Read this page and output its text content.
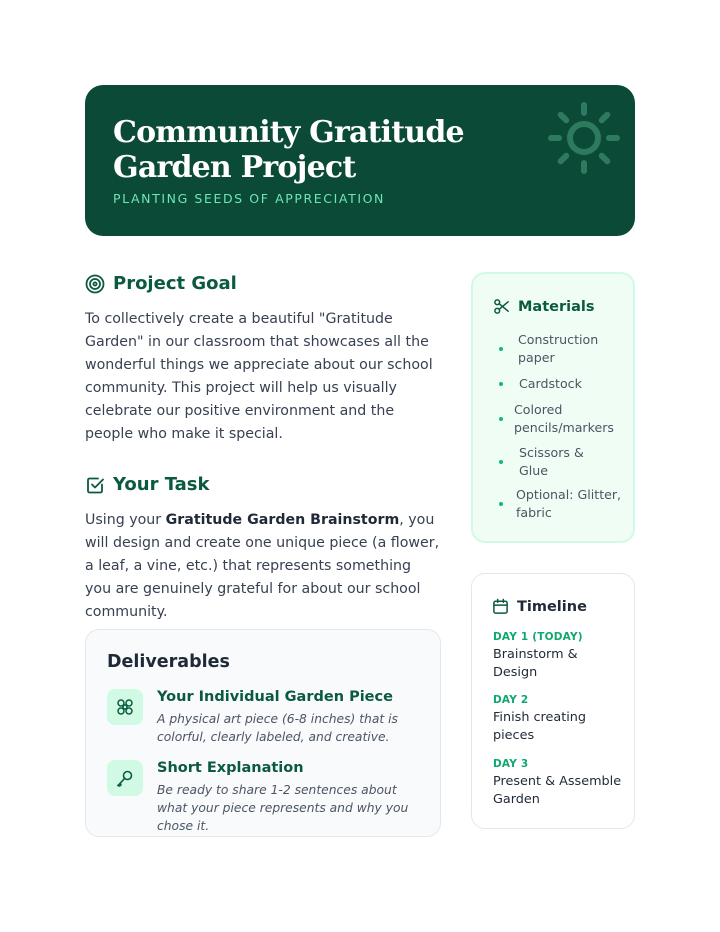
Community Gratitude Garden Project
PLANTING SEEDS OF APPRECIATION
Project Goal
To collectively create a beautiful "Gratitude Garden" in our classroom that showcases all the wonderful things we appreciate about our school community. This project will help us visually celebrate our positive environment and the people who make it special.
Your Task
Using your Gratitude Garden Brainstorm, you will design and create one unique piece (a flower, a leaf, a vine, etc.) that represents something you are genuinely grateful for about our school community.
Deliverables
Your Individual Garden Piece
A physical art piece (6-8 inches) that is colorful, clearly labeled, and creative.
Short Explanation
Be ready to share 1-2 sentences about what your piece represents and why you chose it.
Materials
Construction paper
Cardstock
Colored pencils/markers
Scissors & Glue
Optional: Glitter, fabric
Timeline
DAY 1 (TODAY)
Brainstorm & Design
DAY 2
Finish creating pieces
DAY 3
Present & Assemble Garden
